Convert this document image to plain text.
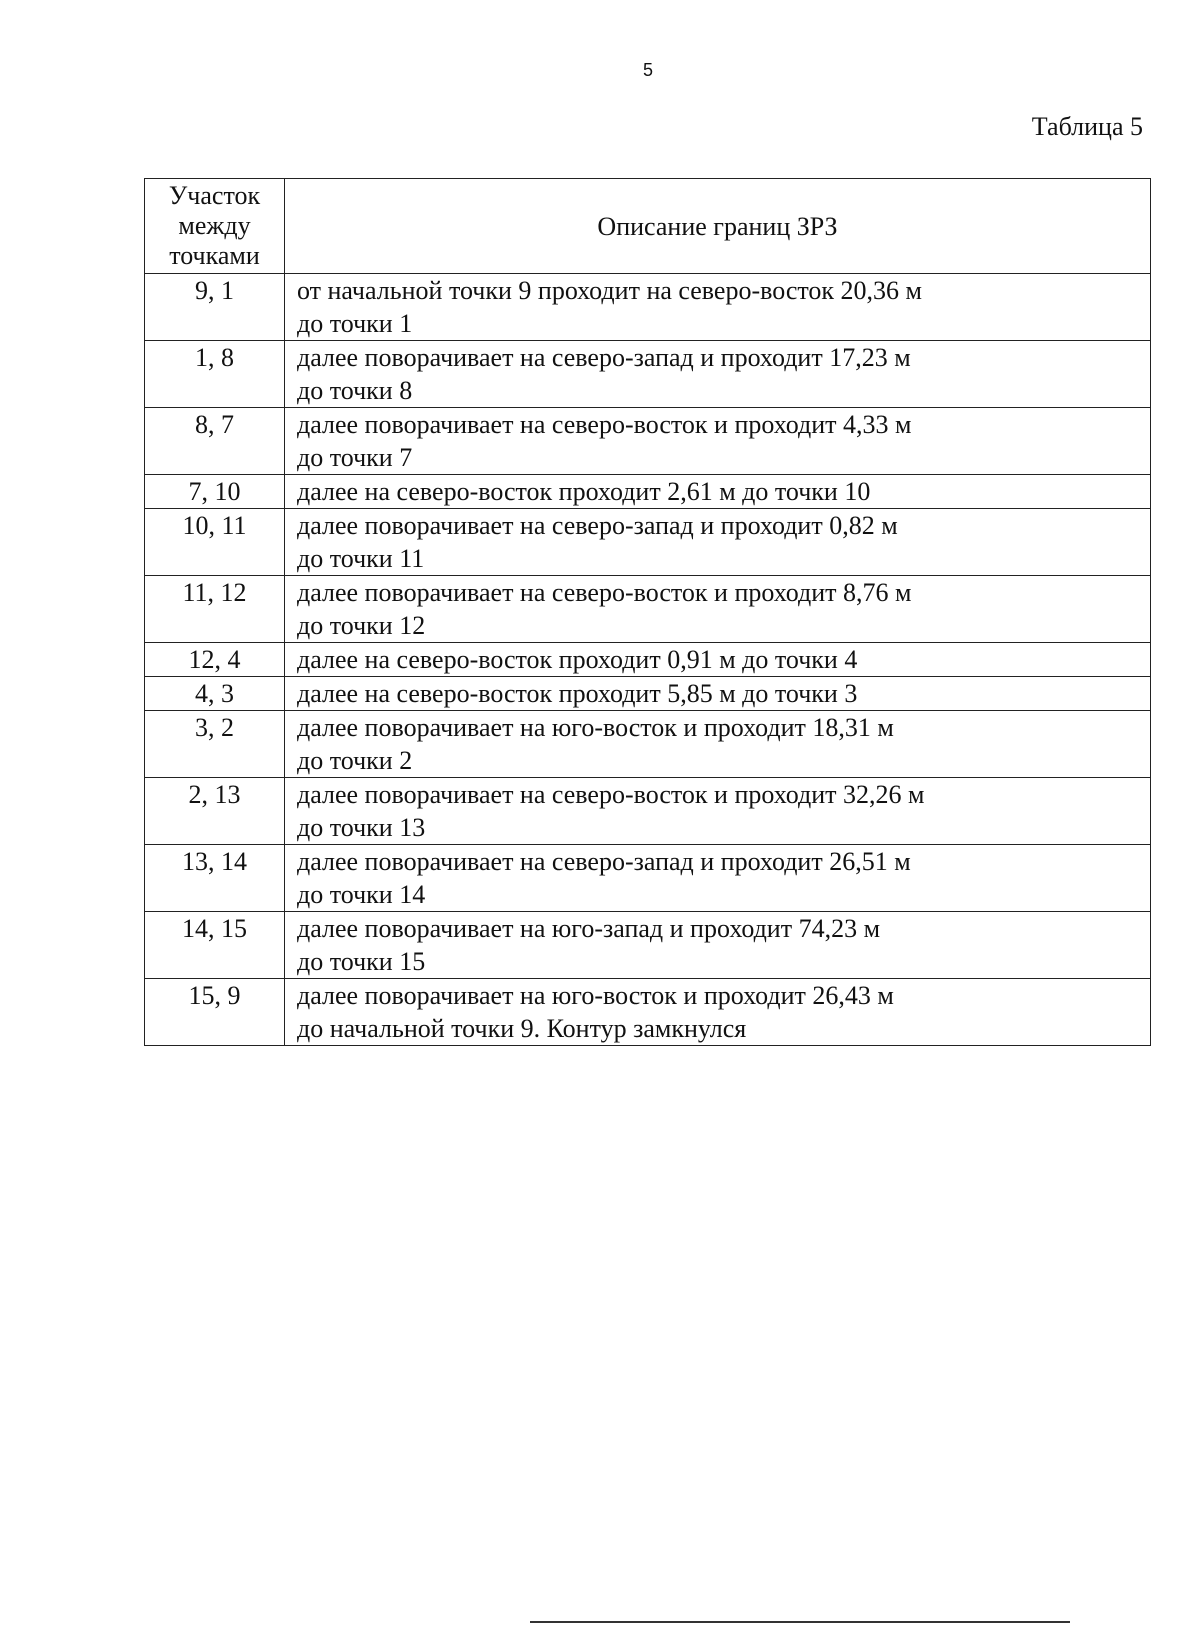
5
Таблица 5
Участок между точками	Описание границ ЗРЗ
9, 1	от начальной точки 9 проходит на северо-восток 20,36 м
до точки 1

1, 8	далее поворачивает на северо-запад и проходит 17,23 м
до точки 8

8, 7	далее поворачивает на северо-восток и проходит 4,33 м
до точки 7

7, 10	далее на северо-восток проходит 2,61 м до точки 10

10, 11	далее поворачивает на северо-запад и проходит 0,82 м
до точки 11

11, 12	далее поворачивает на северо-восток и проходит 8,76 м
до точки 12

12, 4	далее на северо-восток проходит 0,91 м до точки 4

4, 3	далее на северо-восток проходит 5,85 м до точки 3

3, 2	далее поворачивает на юго-восток и проходит 18,31 м
до точки 2

2, 13	далее поворачивает на северо-восток и проходит 32,26 м
до точки 13

13, 14	далее поворачивает на северо-запад и проходит 26,51 м
до точки 14

14, 15	далее поворачивает на юго-запад и проходит 74,23 м
до точки 15

15, 9	далее поворачивает на юго-восток и проходит 26,43 м
до начальной точки 9. Контур замкнулся
